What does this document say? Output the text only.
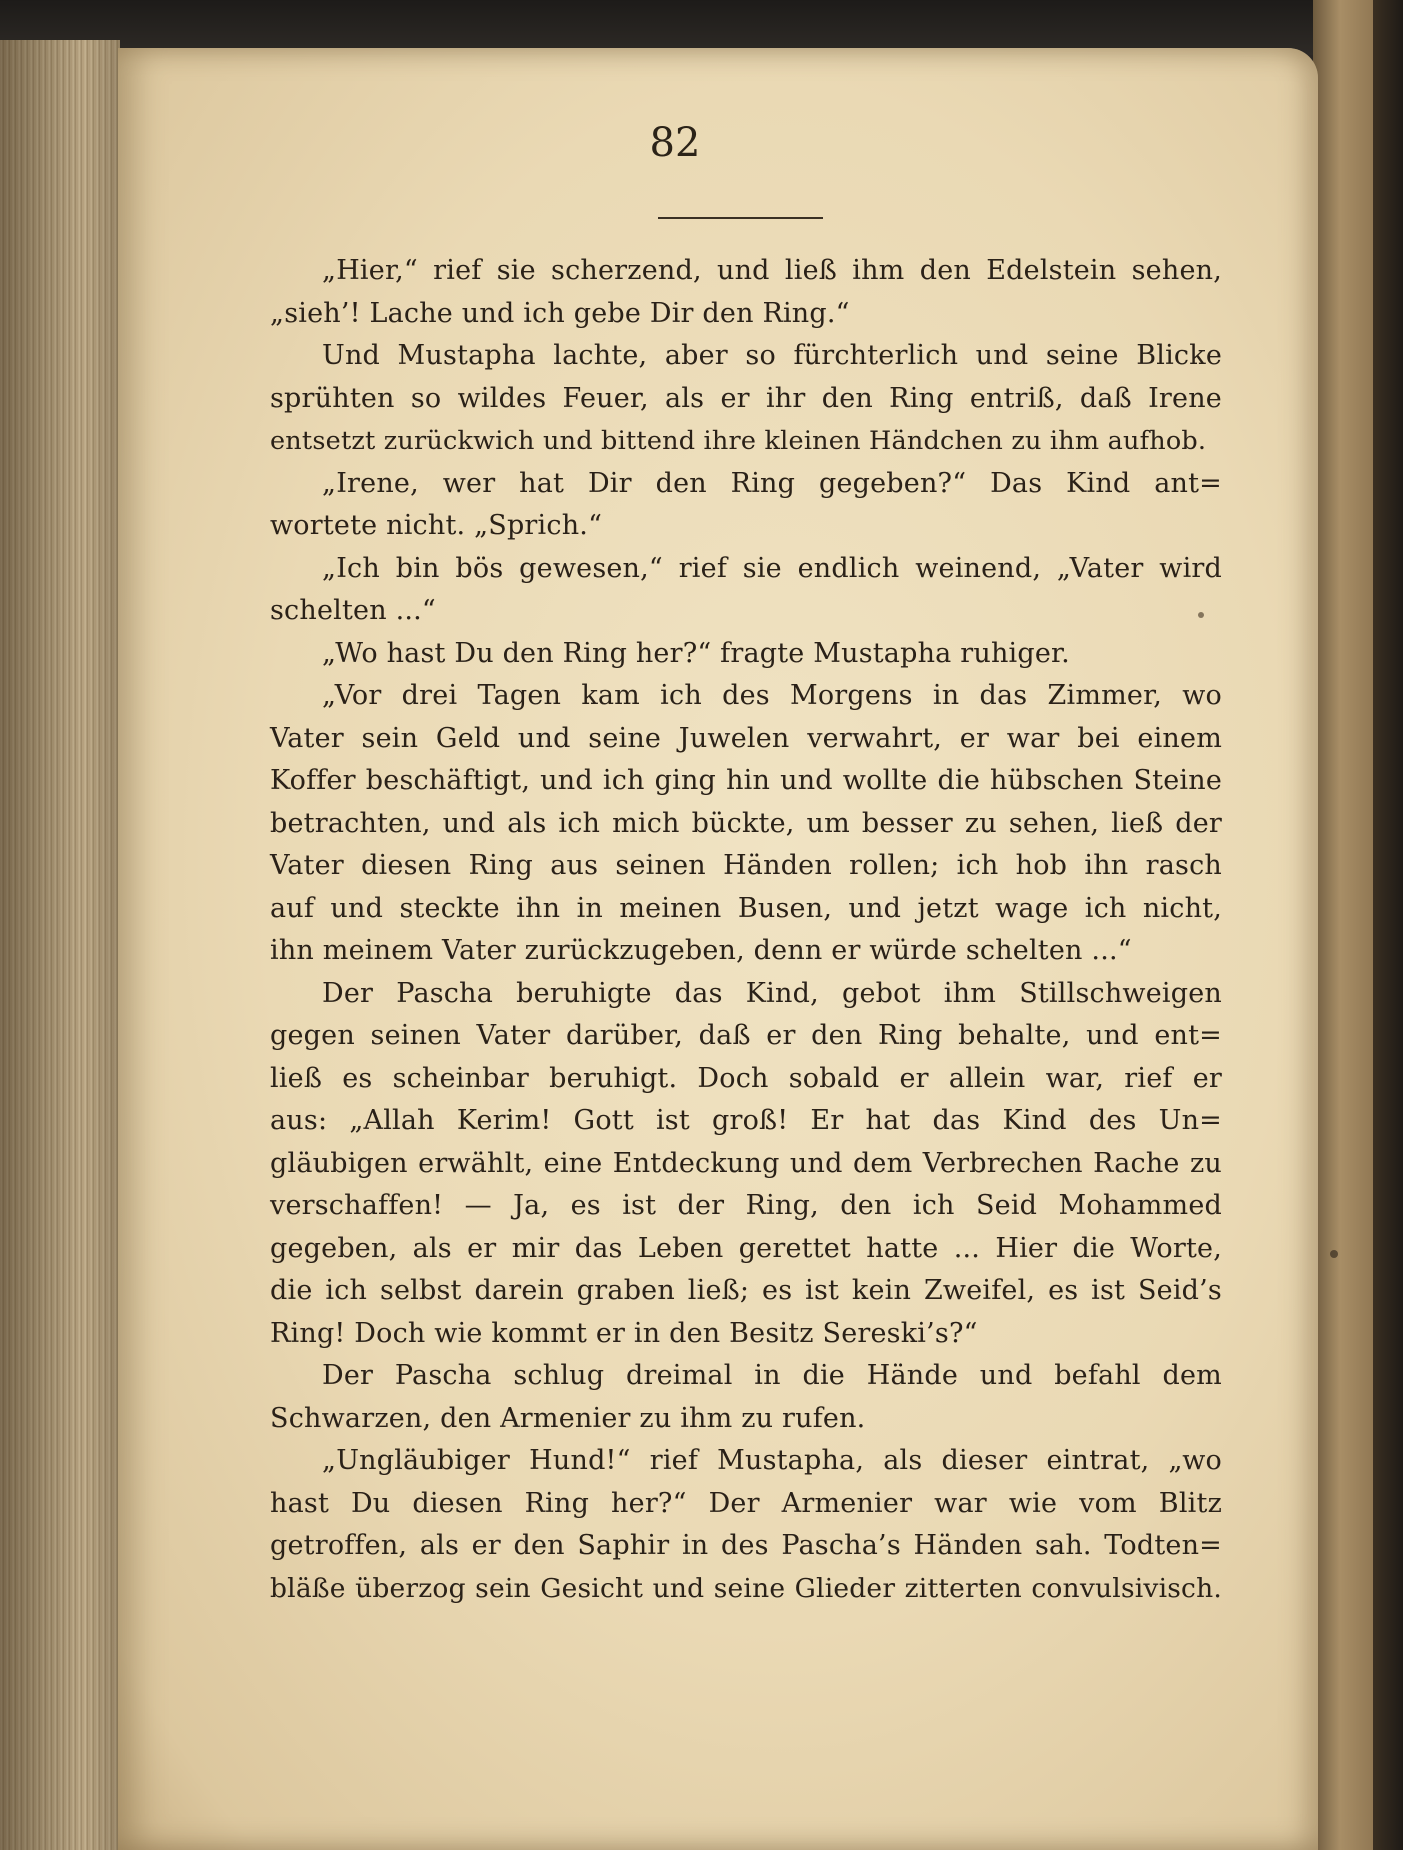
82
„Hier,“ rief sie scherzend, und ließ ihm den Edelstein sehen,
„sieh’! Lache und ich gebe Dir den Ring.“
Und Mustapha lachte, aber so fürchterlich und seine Blicke
sprühten so wildes Feuer, als er ihr den Ring entriß, daß Irene
entsetzt zurückwich und bittend ihre kleinen Händchen zu ihm aufhob.
„Irene, wer hat Dir den Ring gegeben?“ Das Kind ant=
wortete nicht. „Sprich.“
„Ich bin bös gewesen,“ rief sie endlich weinend, „Vater wird
schelten ...“
„Wo hast Du den Ring her?“ fragte Mustapha ruhiger.
„Vor drei Tagen kam ich des Morgens in das Zimmer, wo
Vater sein Geld und seine Juwelen verwahrt, er war bei einem
Koffer beschäftigt, und ich ging hin und wollte die hübschen Steine
betrachten, und als ich mich bückte, um besser zu sehen, ließ der
Vater diesen Ring aus seinen Händen rollen; ich hob ihn rasch
auf und steckte ihn in meinen Busen, und jetzt wage ich nicht,
ihn meinem Vater zurückzugeben, denn er würde schelten ...“
Der Pascha beruhigte das Kind, gebot ihm Stillschweigen
gegen seinen Vater darüber, daß er den Ring behalte, und ent=
ließ es scheinbar beruhigt. Doch sobald er allein war, rief er
aus: „Allah Kerim! Gott ist groß! Er hat das Kind des Un=
gläubigen erwählt, eine Entdeckung und dem Verbrechen Rache zu
verschaffen! — Ja, es ist der Ring, den ich Seid Mohammed
gegeben, als er mir das Leben gerettet hatte ... Hier die Worte,
die ich selbst darein graben ließ; es ist kein Zweifel, es ist Seid’s
Ring! Doch wie kommt er in den Besitz Sereski’s?“
Der Pascha schlug dreimal in die Hände und befahl dem
Schwarzen, den Armenier zu ihm zu rufen.
„Ungläubiger Hund!“ rief Mustapha, als dieser eintrat, „wo
hast Du diesen Ring her?“ Der Armenier war wie vom Blitz
getroffen, als er den Saphir in des Pascha’s Händen sah. Todten=
bläße überzog sein Gesicht und seine Glieder zitterten convulsivisch.
